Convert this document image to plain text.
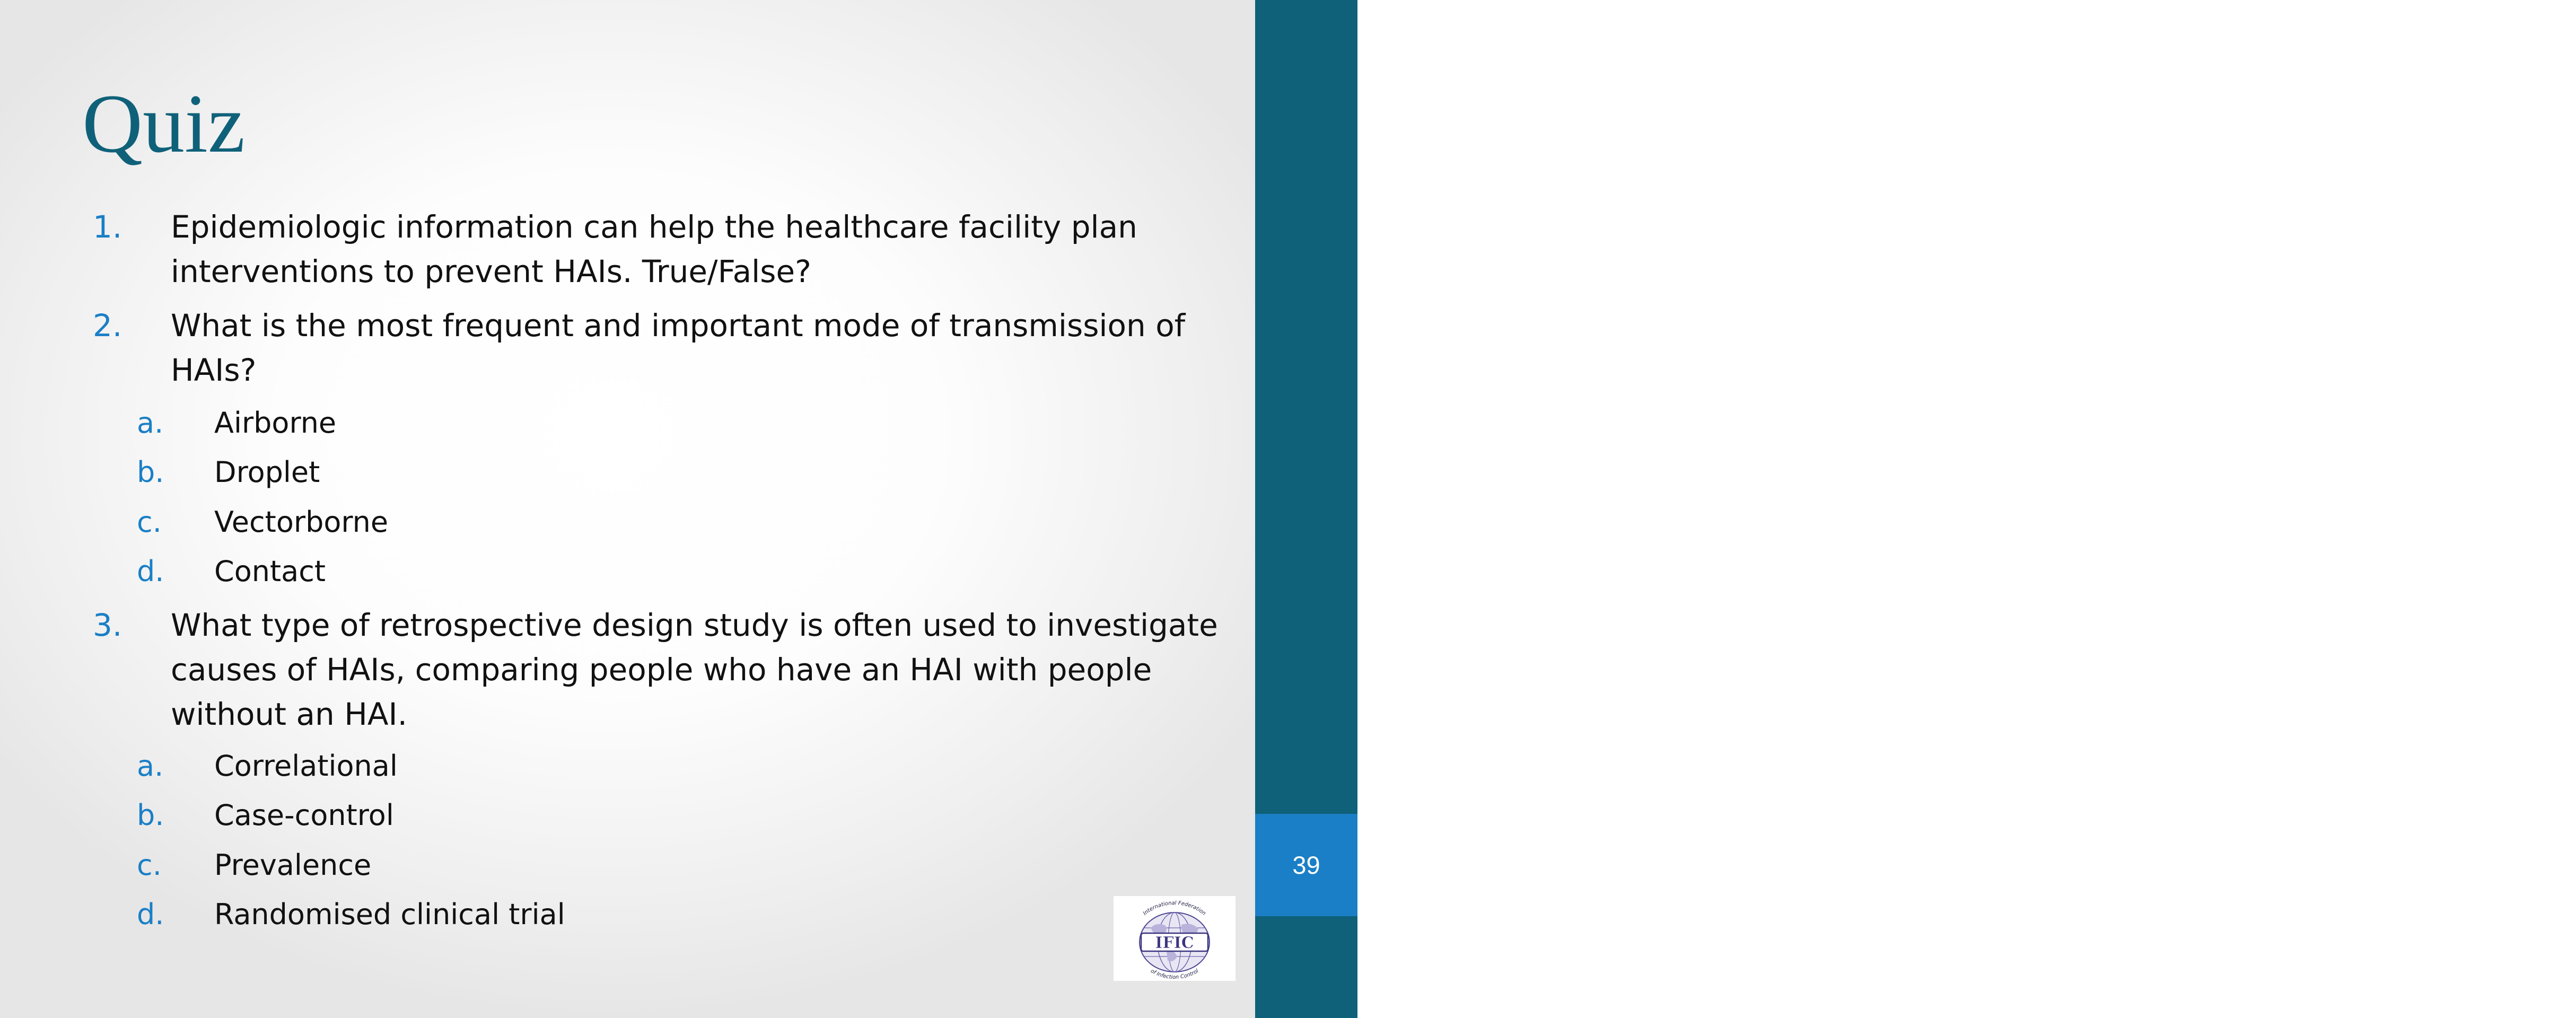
December 1, 2013
39
Quiz
1. Epidemiologic information can help the healthcare facility plan interventions to prevent HAIs. True/False?
2. What is the most frequent and important mode of transmission of HAIs?
a. Airborne
b. Droplet
c. Vectorborne
d. Contact
3. What type of retrospective design study is often used to investigate causes of HAIs, comparing people who have an HAI with people without an HAI.
a. Correlational
b. Case-control
c. Prevalence
d. Randomised clinical trial
IFIC
International Federation
of Infection Control
